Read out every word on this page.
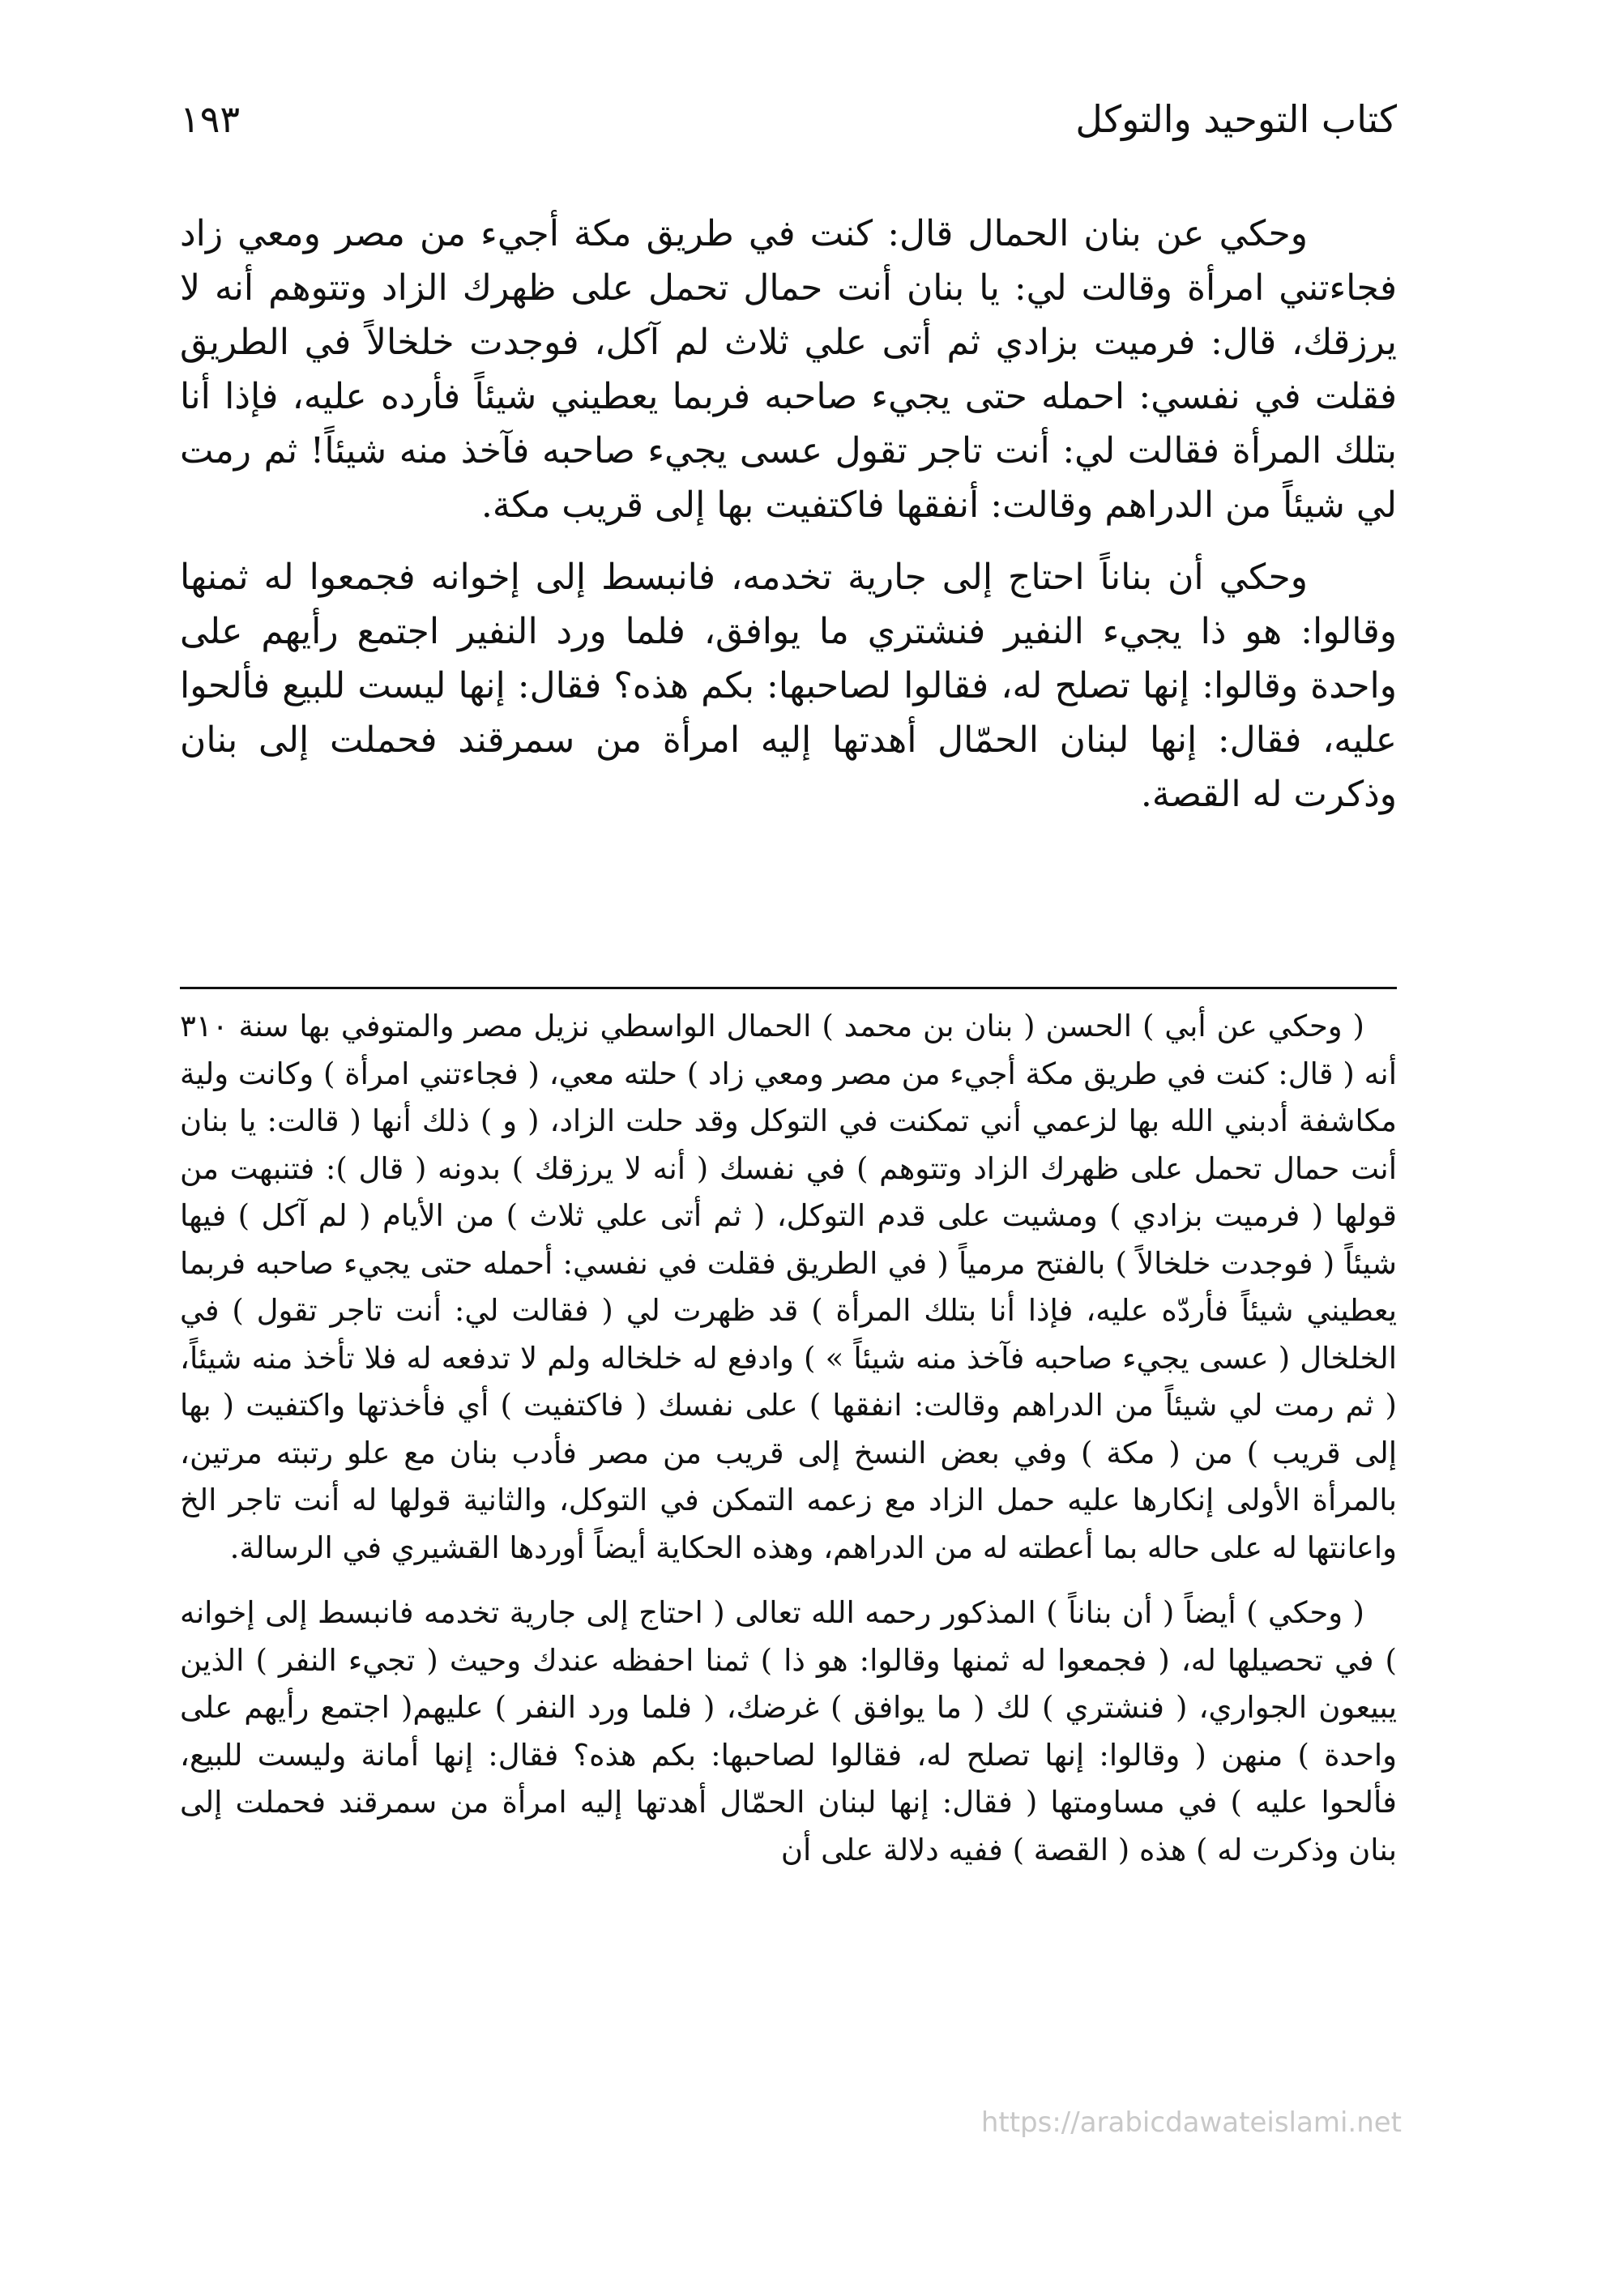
كتاب التوحيد والتوكل
١٩٣

وحكي عن بنان الحمال قال: كنت في طريق مكة أجيء من مصر ومعي زاد فجاءتني امرأة وقالت لي: يا بنان أنت حمال تحمل على ظهرك الزاد وتتوهم أنه لا يرزقك، قال: فرميت بزادي ثم أتى علي ثلاث لم آكل، فوجدت خلخالاً في الطريق فقلت في نفسي: احمله حتى يجيء صاحبه فربما يعطيني شيئاً فأرده عليه، فإذا أنا بتلك المرأة فقالت لي: أنت تاجر تقول عسى يجيء صاحبه فآخذ منه شيئاً! ثم رمت لي شيئاً من الدراهم وقالت: أنفقها فاكتفيت بها إلى قريب مكة.

وحكي أن بناناً احتاج إلى جارية تخدمه، فانبسط إلى إخوانه فجمعوا له ثمنها وقالوا: هو ذا يجيء النفير فنشتري ما يوافق، فلما ورد النفير اجتمع رأيهم على واحدة وقالوا: إنها تصلح له، فقالوا لصاحبها: بكم هذه؟ فقال: إنها ليست للبيع فألحوا عليه، فقال: إنها لبنان الحمّال أهدتها إليه امرأة من سمرقند فحملت إلى بنان وذكرت له القصة.

( وحكي عن أبي ) الحسن ( بنان بن محمد ) الحمال الواسطي نزيل مصر والمتوفي بها سنة ٣١٠ أنه ( قال: كنت في طريق مكة أجيء من مصر ومعي زاد ) حلته معي، ( فجاءتني امرأة ) وكانت ولية مكاشفة أدبني الله بها لزعمي أني تمكنت في التوكل وقد حلت الزاد، ( و ) ذلك أنها ( قالت: يا بنان أنت حمال تحمل على ظهرك الزاد وتتوهم ) في نفسك ( أنه لا يرزقك ) بدونه ( قال ): فتنبهت من قولها ( فرميت بزادي ) ومشيت على قدم التوكل، ( ثم أتى علي ثلاث ) من الأيام ( لم آكل ) فيها شيئاً ( فوجدت خلخالاً ) بالفتح مرمياً ( في الطريق فقلت في نفسي: أحمله حتى يجيء صاحبه فربما يعطيني شيئاً فأردّه عليه، فإذا أنا بتلك المرأة ) قد ظهرت لي ( فقالت لي: أنت تاجر تقول ) في الخلخال ( عسى يجيء صاحبه فآخذ منه شيئاً » ) وادفع له خلخاله ولم لا تدفعه له فلا تأخذ منه شيئاً، ( ثم رمت لي شيئاً من الدراهم وقالت: انفقها ) على نفسك ( فاكتفيت ) أي فأخذتها واكتفيت ( بها إلى قريب ) من ( مكة ) وفي بعض النسخ إلى قريب من مصر فأدب بنان مع علو رتبته مرتين، بالمرأة الأولى إنكارها عليه حمل الزاد مع زعمه التمكن في التوكل، والثانية قولها له أنت تاجر الخ واعانتها له على حاله بما أعطته له من الدراهم، وهذه الحكاية أيضاً أوردها القشيري في الرسالة.

( وحكي ) أيضاً ( أن بناناً ) المذكور رحمه الله تعالى ( احتاج إلى جارية تخدمه فانبسط إلى إخوانه ) في تحصيلها له، ( فجمعوا له ثمنها وقالوا: هو ذا ) ثمنا احفظه عندك وحيث ( تجيء النفر ) الذين يبيعون الجواري، ( فنشتري ) لك ( ما يوافق ) غرضك، ( فلما ورد النفر ) عليهم( اجتمع رأيهم على واحدة ) منهن ( وقالوا: إنها تصلح له، فقالوا لصاحبها: بكم هذه؟ فقال: إنها أمانة وليست للبيع، فألحوا عليه ) في مساومتها ( فقال: إنها لبنان الحمّال أهدتها إليه امرأة من سمرقند فحملت إلى بنان وذكرت له ) هذه ( القصة ) ففيه دلالة على أن

https://arabicdawateislami.net
